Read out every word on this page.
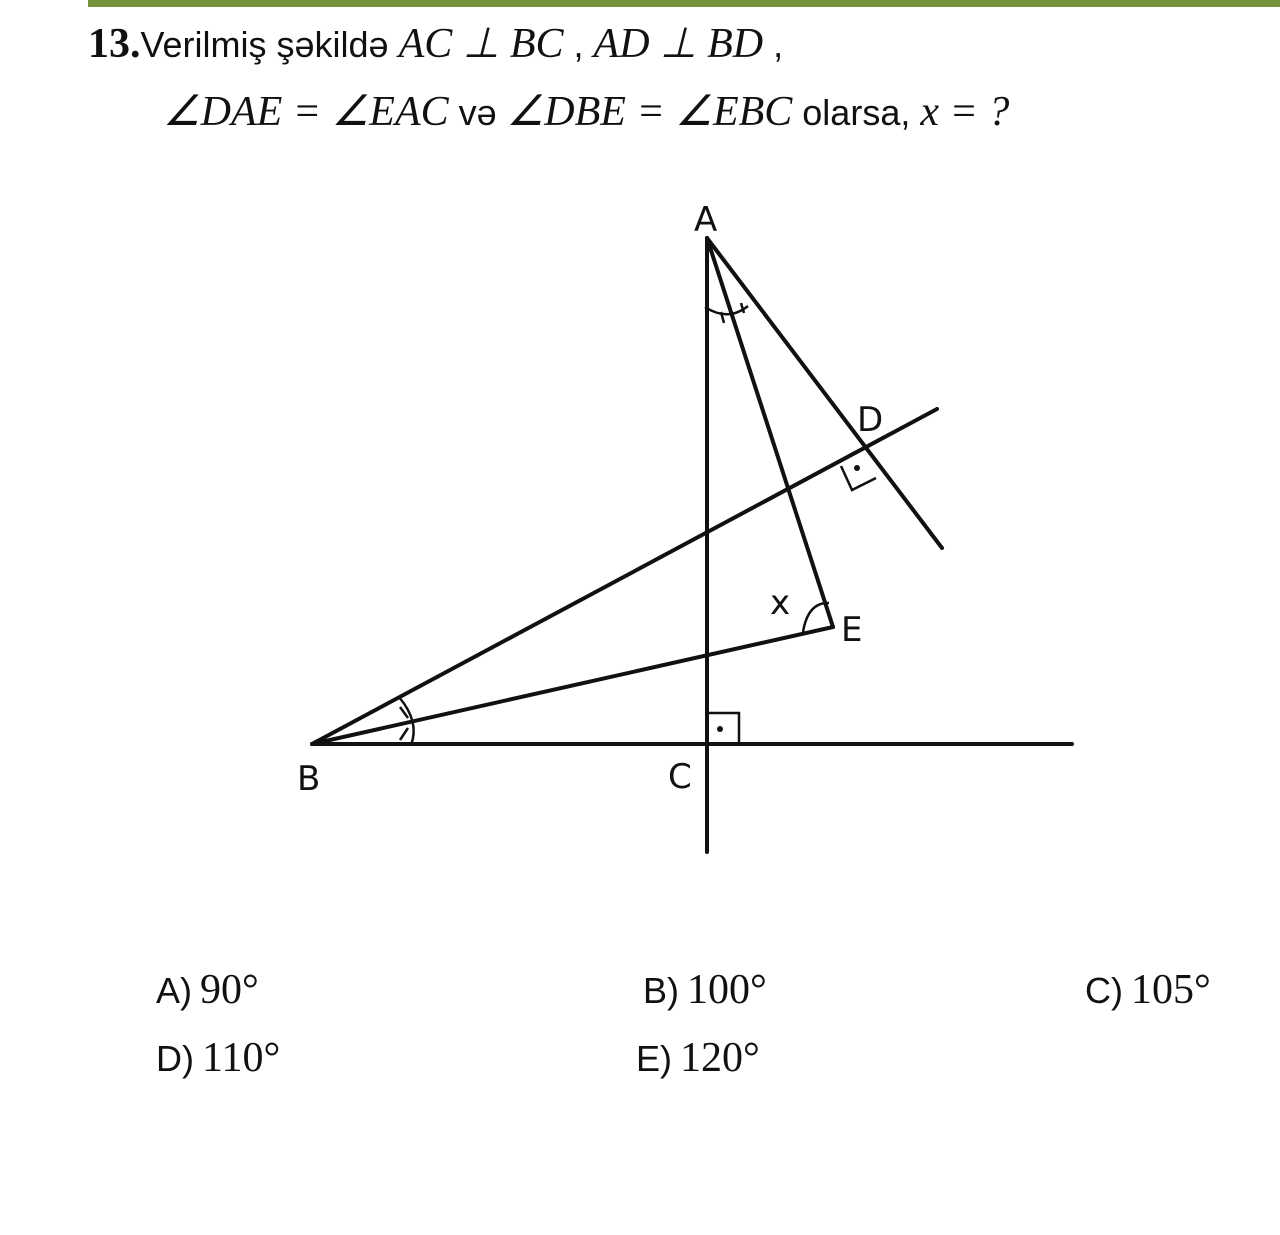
13.Verilmiş şəkildə AC ⊥ BC , AD ⊥ BD ,
∠DAE = ∠EAC və ∠DBE = ∠EBC olarsa, x = ?
A
B	C
D
E
x
A) 90°	B) 100°	C) 105°
D) 110°	E) 120°
